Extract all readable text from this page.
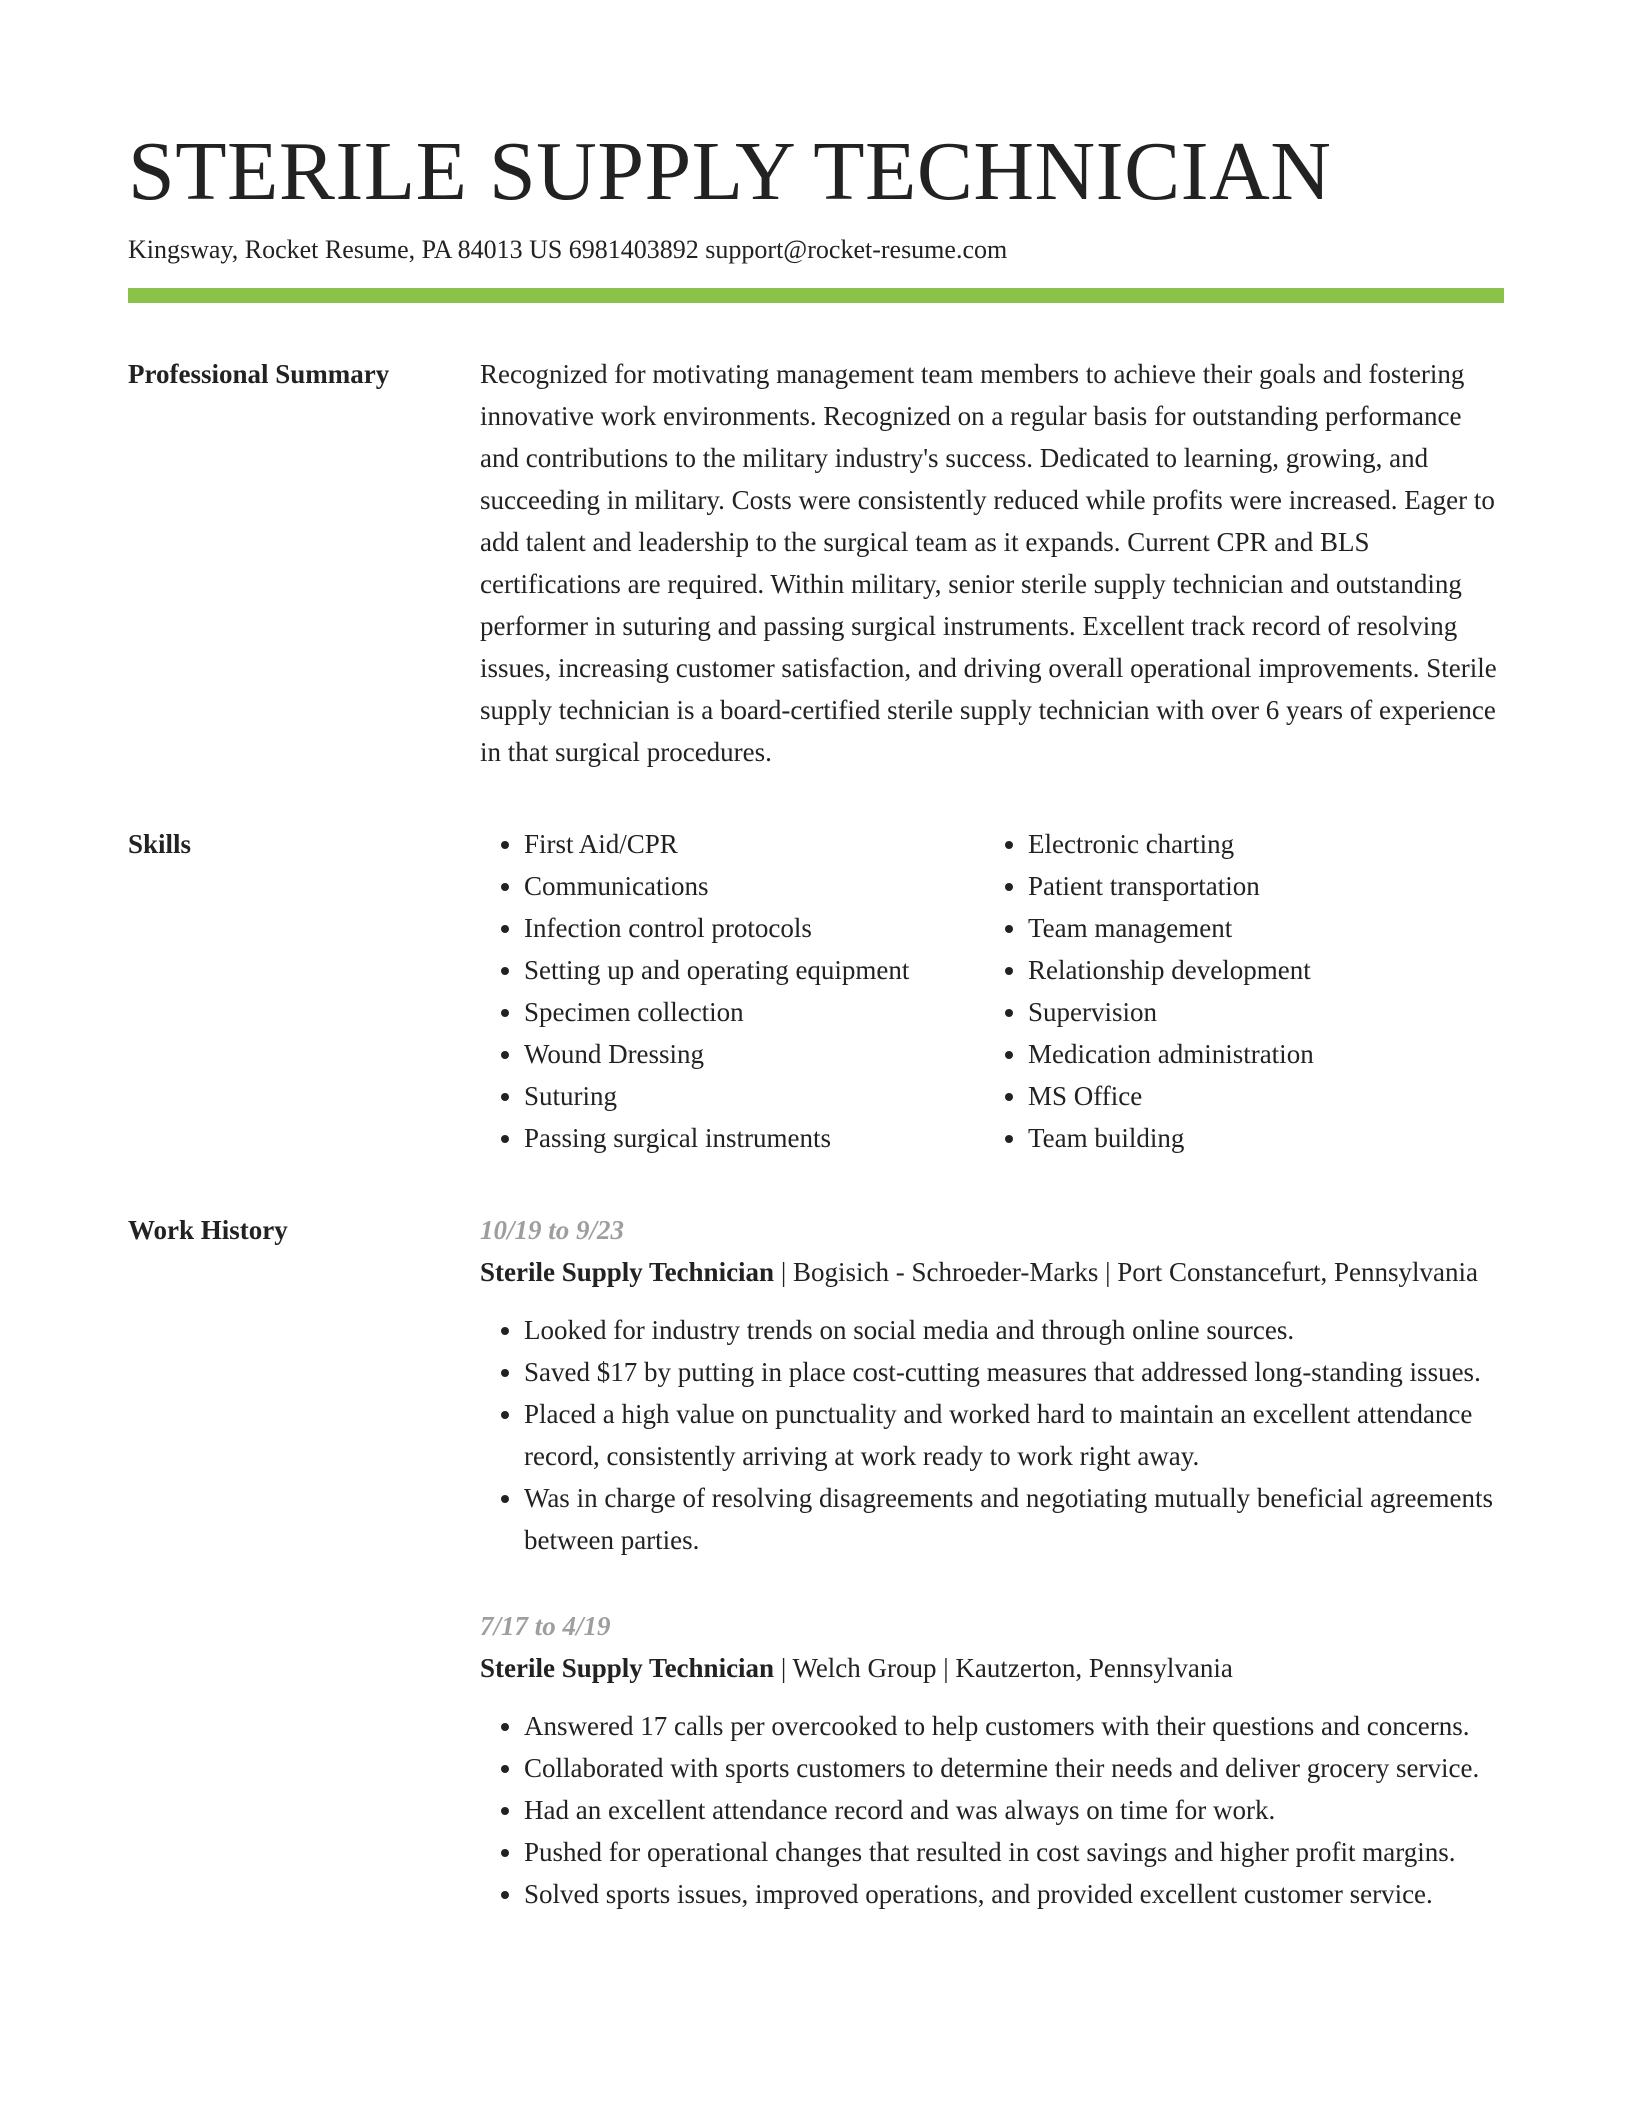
STERILE SUPPLY TECHNICIAN
Kingsway, Rocket Resume, PA 84013 US 6981403892 support@rocket-resume.com
Professional Summary	Recognized for motivating management team members to achieve their goals and fostering innovative work environments. Recognized on a regular basis for outstanding performance and contributions to the military industry's success. Dedicated to learning, growing, and succeeding in military. Costs were consistently reduced while profits were increased. Eager to add talent and leadership to the surgical team as it expands. Current CPR and BLS certifications are required. Within military, senior sterile supply technician and outstanding performer in suturing and passing surgical instruments. Excellent track record of resolving issues, increasing customer satisfaction, and driving overall operational improvements. Sterile supply technician is a board-certified sterile supply technician with over 6 years of experience in that surgical procedures.

Skills
•	First Aid/CPR
• Communications
• Infection control protocols
• Setting up and operating equipment
• Specimen collection
• Wound Dressing
• Suturing
• Passing surgical instruments
• Electronic charting
• Patient transportation
• Team management
• Relationship development
• Supervision
• Medication administration
• MS Office
• Team building
Work History	10/19 to 9/23
Sterile Supply Technician | Bogisich - Schroeder-Marks | Port Constancefurt, Pennsylvania
• Looked for industry trends on social media and through online sources.
• Saved $17 by putting in place cost-cutting measures that addressed long-standing issues.
• Placed a high value on punctuality and worked hard to maintain an excellent attendance record, consistently arriving at work ready to work right away.
• Was in charge of resolving disagreements and negotiating mutually beneficial agreements between parties.
7/17 to 4/19
Sterile Supply Technician | Welch Group | Kautzerton, Pennsylvania
• Answered 17 calls per overcooked to help customers with their questions and concerns.
• Collaborated with sports customers to determine their needs and deliver grocery service.
• Had an excellent attendance record and was always on time for work.
• Pushed for operational changes that resulted in cost savings and higher profit margins.
• Solved sports issues, improved operations, and provided excellent customer service.
